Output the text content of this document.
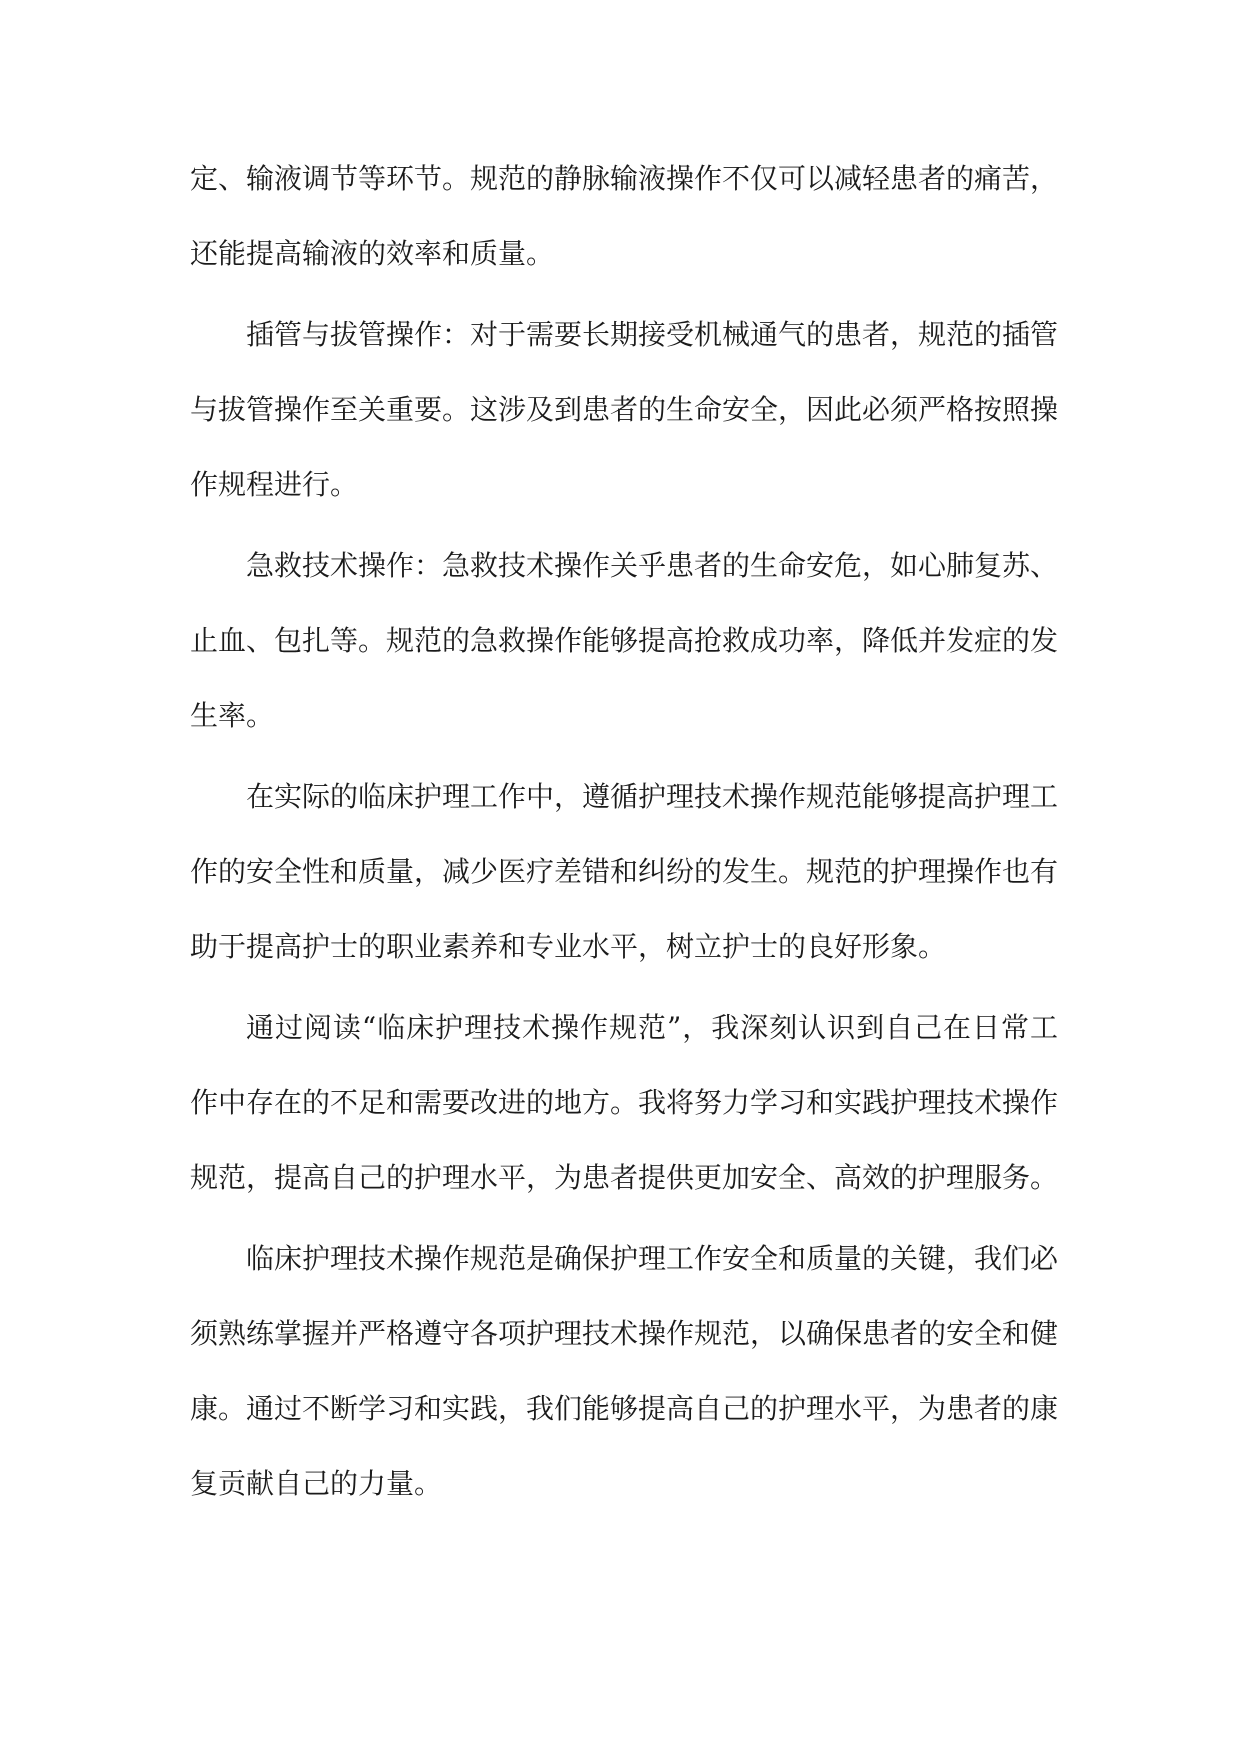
定、输液调节等环节。规范的静脉输液操作不仅可以减轻患者的痛苦，还能提高输液的效率和质量。

插管与拔管操作：对于需要长期接受机械通气的患者，规范的插管与拔管操作至关重要。这涉及到患者的生命安全，因此必须严格按照操作规程进行。

急救技术操作：急救技术操作关乎患者的生命安危，如心肺复苏、止血、包扎等。规范的急救操作能够提高抢救成功率，降低并发症的发生率。

在实际的临床护理工作中，遵循护理技术操作规范能够提高护理工作的安全性和质量，减少医疗差错和纠纷的发生。规范的护理操作也有助于提高护士的职业素养和专业水平，树立护士的良好形象。

通过阅读“临床护理技术操作规范”，我深刻认识到自己在日常工作中存在的不足和需要改进的地方。我将努力学习和实践护理技术操作规范，提高自己的护理水平，为患者提供更加安全、高效的护理服务。

临床护理技术操作规范是确保护理工作安全和质量的关键，我们必须熟练掌握并严格遵守各项护理技术操作规范，以确保患者的安全和健康。通过不断学习和实践，我们能够提高自己的护理水平，为患者的康复贡献自己的力量。
